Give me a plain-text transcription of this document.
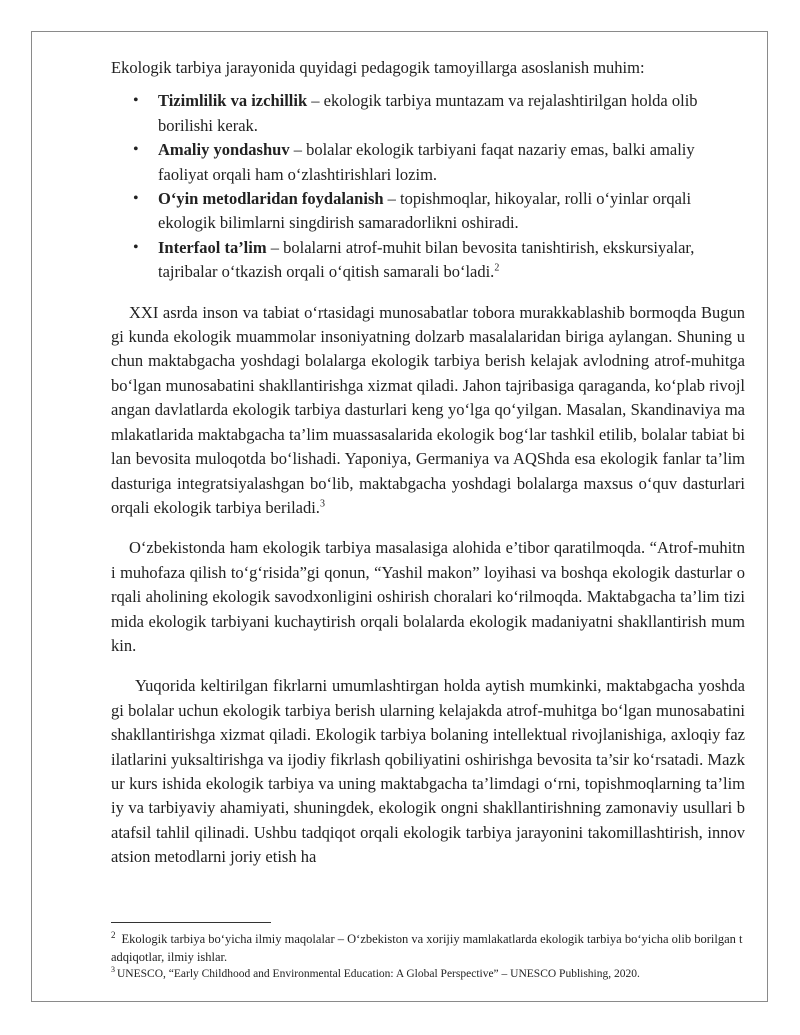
Ekologik tarbiya jarayonida quyidagi pedagogik tamoyillarga asoslanish muhim:

• Tizimlilik va izchillik – ekologik tarbiya muntazam va rejalashtirilgan holda olib borilishi kerak.
• Amaliy yondashuv – bolalar ekologik tarbiyani faqat nazariy emas, balki amaliy faoliyat orqali ham o‘zlashtirishlari lozim.
• O‘yin metodlaridan foydalanish – topishmoqlar, hikoyalar, rolli o‘yinlar orqali ekologik bilimlarni singdirish samaradorlikni oshiradi.
• Interfaol ta’lim – bolalarni atrof-muhit bilan bevosita tanishtirish, ekskursiyalar, tajribalar o‘tkazish orqali o‘qitish samarali bo‘ladi.$^2$

XXI asrda inson va tabiat o‘rtasidagi munosabatlar tobora murakkablashib bormoqda Bugungi kunda ekologik muammolar insoniyatning dolzarb masalalaridan biriga aylangan. Shuning uchun maktabgacha yoshdagi bolalarga ekologik tarbiya berish kelajak avlodning atrof-muhitga bo‘lgan munosabatini shakllantirishga xizmat qiladi. Jahon tajribasiga qaraganda, ko‘plab rivojlangan davlatlarda ekologik tarbiya dasturlari keng yo‘lga qo‘yilgan. Masalan, Skandinaviya mamlakatlarida maktabgacha ta’lim muassasalarida ekologik bog‘lar tashkil etilib, bolalar tabiat bilan bevosita muloqotda bo‘lishadi. Yaponiya, Germaniya va AQShda esa ekologik fanlar ta’lim dasturiga integratsiyalashgan bo‘lib, maktabgacha yoshdagi bolalarga maxsus o‘quv dasturlari orqali ekologik tarbiya beriladi.$^3$

O‘zbekistonda ham ekologik tarbiya masalasiga alohida e’tibor qaratilmoqda. “Atrof-muhitni muhofaza qilish to‘g‘risida”gi qonun, “Yashil makon” loyihasi va boshqa ekologik dasturlar orqali aholining ekologik savodxonligini oshirish choralari ko‘rilmoqda. Maktabgacha ta’lim tizimida ekologik tarbiyani kuchaytirish orqali bolalarda ekologik madaniyatni shakllantirish mumkin.

Yuqorida keltirilgan fikrlarni umumlashtirgan holda aytish mumkinki, maktabgacha yoshdagi bolalar uchun ekologik tarbiya berish ularning kelajakda atrof-muhitga bo‘lgan munosabatini shakllantirishga xizmat qiladi. Ekologik tarbiya bolaning intellektual rivojlanishiga, axloqiy fazilatlarini yuksaltirishga va ijodiy fikrlash qobiliyatini oshirishga bevosita ta’sir ko‘rsatadi. Mazkur kurs ishida ekologik tarbiya va uning maktabgacha ta’limdagi o‘rni, topishmoqlarning ta’limiy va tarbiyaviy ahamiyati, shuningdek, ekologik ongni shakllantirishning zamonaviy usullari batafsil tahlil qilinadi. Ushbu tadqiqot orqali ekologik tarbiya jarayonini takomillashtirish, innovatsion metodlarni joriy etish ha

$^2$ Ekologik tarbiya bo‘yicha ilmiy maqolalar – O‘zbekiston va xorijiy mamlakatlarda ekologik tarbiya bo‘yicha olib borilgan tadqiqotlar, ilmiy ishlar.

$^3$ UNESCO, “Early Childhood and Environmental Education: A Global Perspective” – UNESCO Publishing, 2020.
